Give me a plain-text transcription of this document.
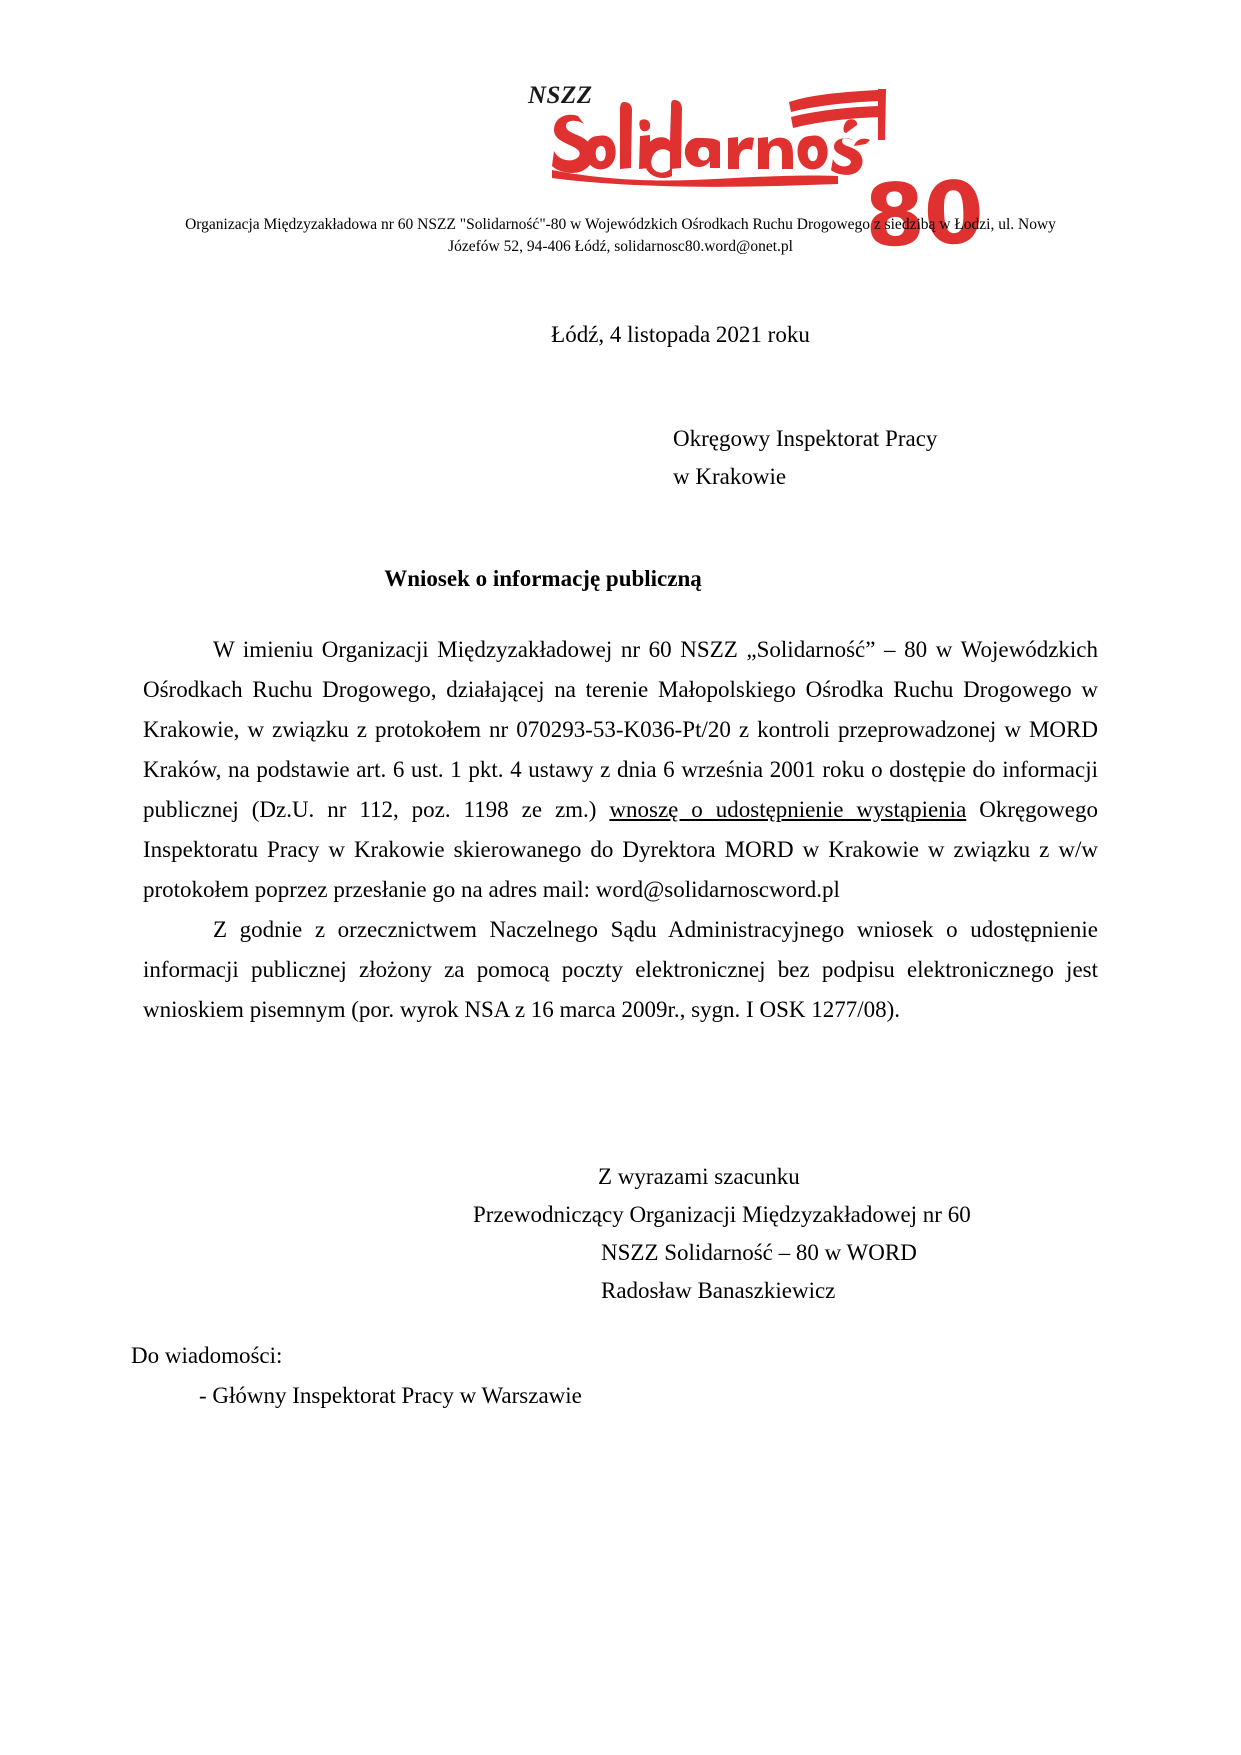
NSZZ
80
Organizacja Międzyzakładowa nr 60 NSZZ "Solidarność"-80 w Wojewódzkich Ośrodkach Ruchu Drogowego z siedzibą w Łodzi, ul. Nowy
Józefów 52, 94-406 Łódź, solidarnosc80.word@onet.pl
Łódź, 4 listopada 2021 roku
Okręgowy Inspektorat Pracy
w Krakowie
Wniosek o informację publiczną

W imieniu Organizacji Międzyzakładowej nr 60 NSZZ „Solidarność” – 80 w Wojewódzkich Ośrodkach Ruchu Drogowego, działającej na terenie Małopolskiego Ośrodka Ruchu Drogowego w Krakowie, w związku z protokołem nr 070293-53-K036-Pt/20 z kontroli przeprowadzonej w MORD Kraków, na podstawie art. 6 ust. 1 pkt. 4 ustawy z dnia 6 września 2001 roku o dostępie do informacji publicznej (Dz.U. nr 112, poz. 1198 ze zm.) wnoszę o udostępnienie wystąpienia Okręgowego Inspektoratu Pracy w Krakowie skierowanego do Dyrektora MORD w Krakowie w związku z w/w protokołem poprzez przesłanie go na adres mail: word@solidarnoscword.pl

Z godnie z orzecznictwem Naczelnego Sądu Administracyjnego wniosek o udostępnienie informacji publicznej złożony za pomocą poczty elektronicznej bez podpisu elektronicznego jest wnioskiem pisemnym (por. wyrok NSA z 16 marca 2009r., sygn. I OSK 1277/08).

Z wyrazami szacunku
Przewodniczący Organizacji Międzyzakładowej nr 60
NSZZ Solidarność – 80 w WORD
Radosław Banaszkiewicz
Do wiadomości:
- Główny Inspektorat Pracy w Warszawie
